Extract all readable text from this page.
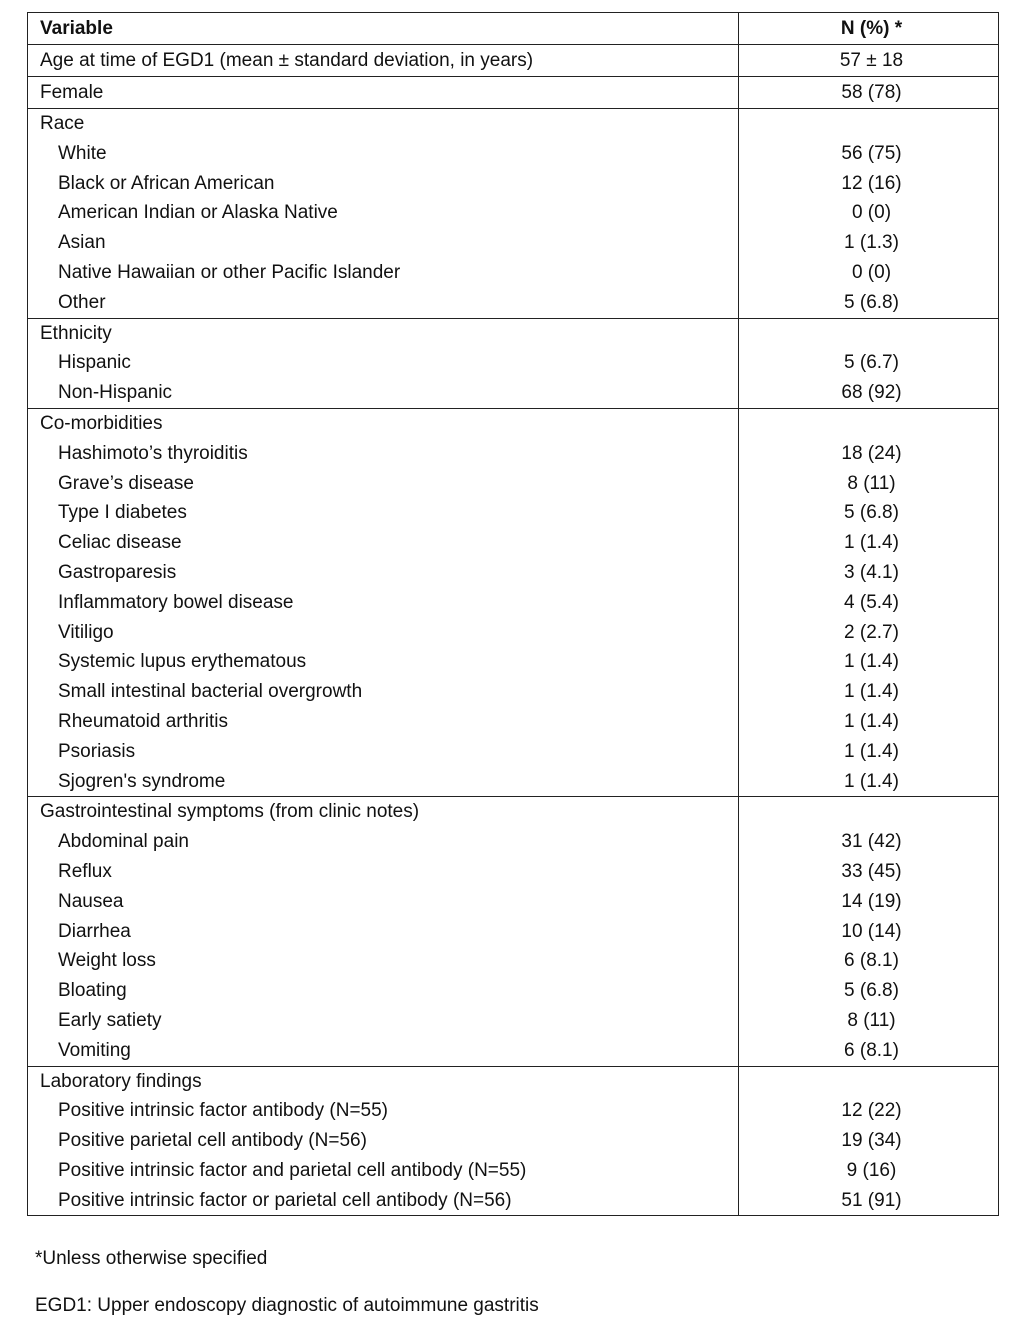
Variable	N (%) *
Age at time of EGD1 (mean ± standard deviation, in years)	57 ± 18
Female	58 (78)
Race	
White	56 (75)
Black or African American	12 (16)
American Indian or Alaska Native	0 (0)
Asian	1 (1.3)
Native Hawaiian or other Pacific Islander	0 (0)
Other	5 (6.8)
Ethnicity	
Hispanic	5 (6.7)
Non-Hispanic	68 (92)
Co-morbidities	
Hashimoto’s thyroiditis	18 (24)
Grave’s disease	8 (11)
Type I diabetes	5 (6.8)
Celiac disease	1 (1.4)
Gastroparesis	3 (4.1)
Inflammatory bowel disease	4 (5.4)
Vitiligo	2 (2.7)
Systemic lupus erythematous	1 (1.4)
Small intestinal bacterial overgrowth	1 (1.4)
Rheumatoid arthritis	1 (1.4)
Psoriasis	1 (1.4)
Sjogren's syndrome	1 (1.4)
Gastrointestinal symptoms (from clinic notes)	
Abdominal pain	31 (42)
Reflux	33 (45)
Nausea	14 (19)
Diarrhea	10 (14)
Weight loss	6 (8.1)
Bloating	5 (6.8)
Early satiety	8 (11)
Vomiting	6 (8.1)
Laboratory findings	
Positive intrinsic factor antibody (N=55)	12 (22)
Positive parietal cell antibody (N=56)	19 (34)
Positive intrinsic factor and parietal cell antibody (N=55)	9 (16)
Positive intrinsic factor or parietal cell antibody (N=56)	51 (91)
*Unless otherwise specified
EGD1: Upper endoscopy diagnostic of autoimmune gastritis
